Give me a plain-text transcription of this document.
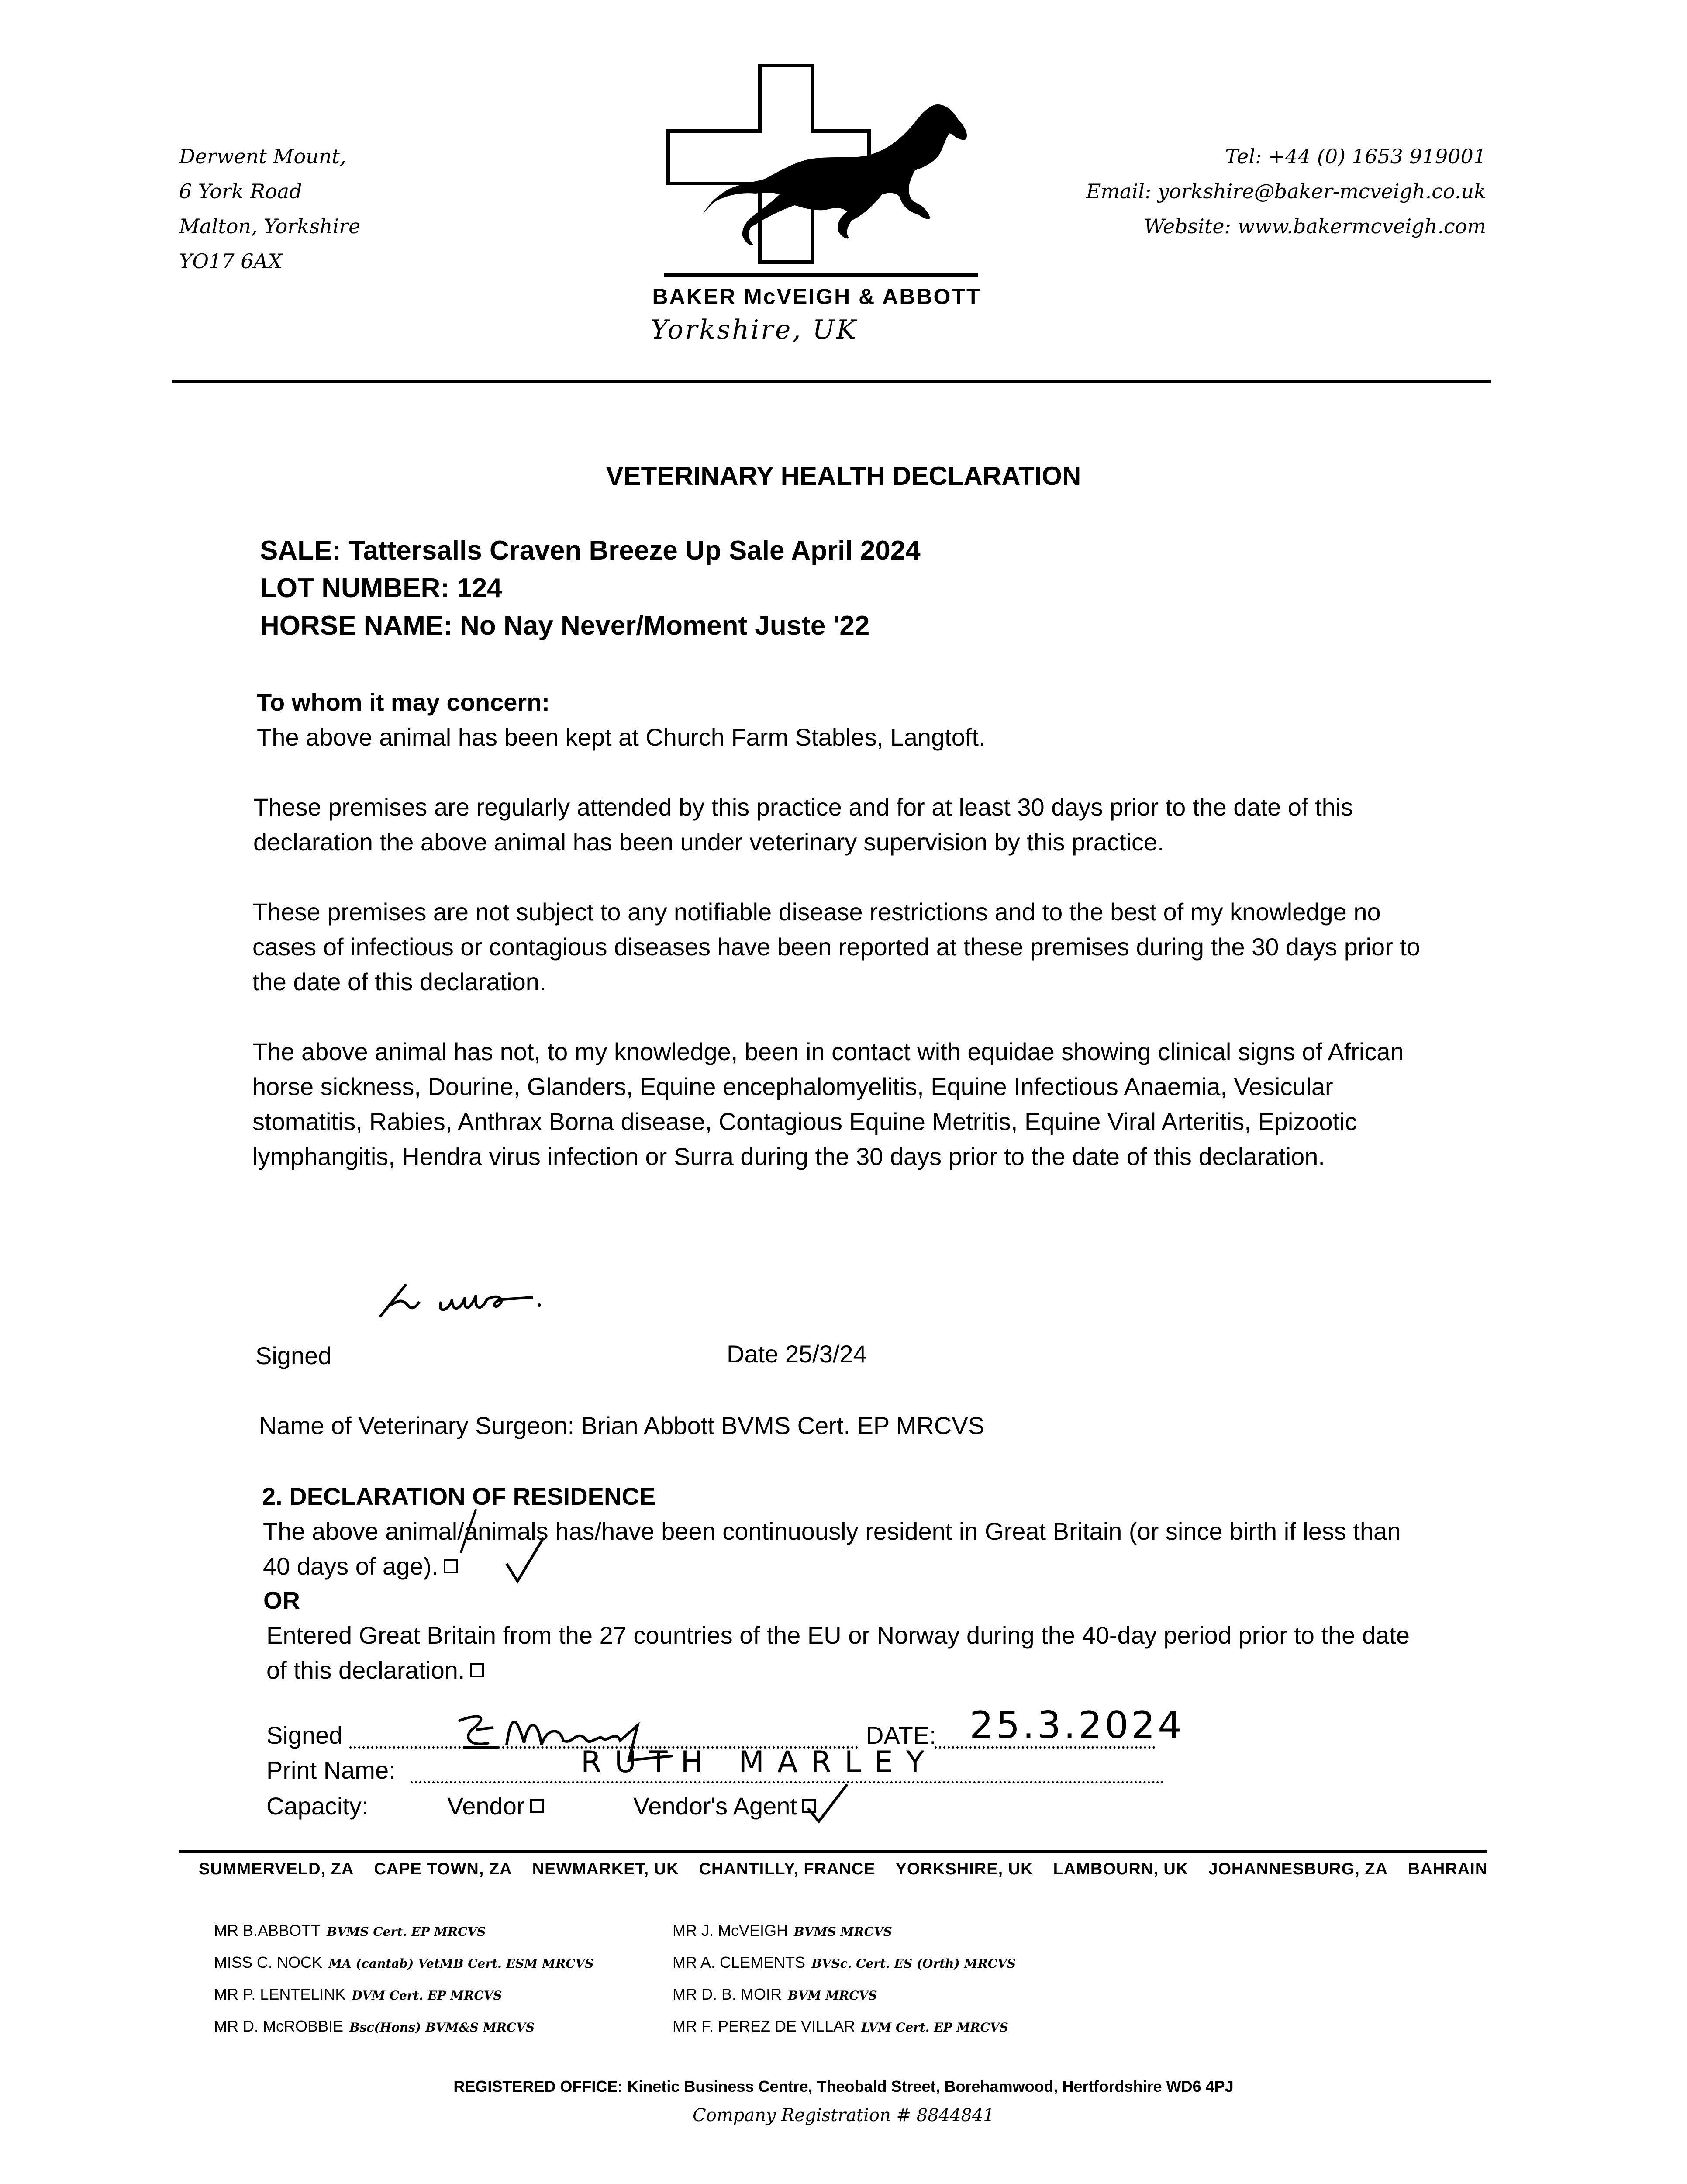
Derwent Mount,
6 York Road
Malton, Yorkshire
YO17 6AX
BAKER McVEIGH & ABBOTT
Yorkshire, UK
Tel: +44 (0) 1653 919001
Email: yorkshire@baker-mcveigh.co.uk
Website: www.bakermcveigh.com
VETERINARY HEALTH DECLARATION
SALE: Tattersalls Craven Breeze Up Sale April 2024
LOT NUMBER: 124
HORSE NAME: No Nay Never/Moment Juste '22
To whom it may concern:
The above animal has been kept at Church Farm Stables, Langtoft.
These premises are regularly attended by this practice and for at least 30 days prior to the date of this declaration the above animal has been under veterinary supervision by this practice.
These premises are not subject to any notifiable disease restrictions and to the best of my knowledge no cases of infectious or contagious diseases have been reported at these premises during the 30 days prior to the date of this declaration.
The above animal has not, to my knowledge, been in contact with equidae showing clinical signs of African horse sickness, Dourine, Glanders, Equine encephalomyelitis, Equine Infectious Anaemia, Vesicular stomatitis, Rabies, Anthrax Borna disease, Contagious Equine Metritis, Equine Viral Arteritis, Epizootic lymphangitis, Hendra virus infection or Surra during the 30 days prior to the date of this declaration.
Signed	Date 25/3/24
Name of Veterinary Surgeon: Brian Abbott BVMS Cert. EP MRCVS
2. DECLARATION OF RESIDENCE
The above animal/animals has/have been continuously resident in Great Britain (or since birth if less than 40 days of age).
OR
Entered Great Britain from the 27 countries of the EU or Norway during the 40-day period prior to the date of this declaration.
Signed	DATE: 25.3.2024
Print Name:	RUTH MARLEY
Capacity:	Vendor	Vendor's Agent
SUMMERVELD, ZA CAPE TOWN, ZA NEWMARKET, UK CHANTILLY, FRANCE YORKSHIRE, UK LAMBOURN, UK JOHANNESBURG, ZA BAHRAIN
MR B.ABBOTT BVMS Cert. EP MRCVS
MISS C. NOCK MA (cantab) VetMB Cert. ESM MRCVS
MR P. LENTELINK DVM Cert. EP MRCVS
MR D. McROBBIE Bsc(Hons) BVM&S MRCVS
MR J. McVEIGH BVMS MRCVS
MR A. CLEMENTS BVSc. Cert. ES (Orth) MRCVS
MR D. B. MOIR BVM MRCVS
MR F. PEREZ DE VILLAR LVM Cert. EP MRCVS
REGISTERED OFFICE: Kinetic Business Centre, Theobald Street, Borehamwood, Hertfordshire WD6 4PJ
Company Registration # 8844841
